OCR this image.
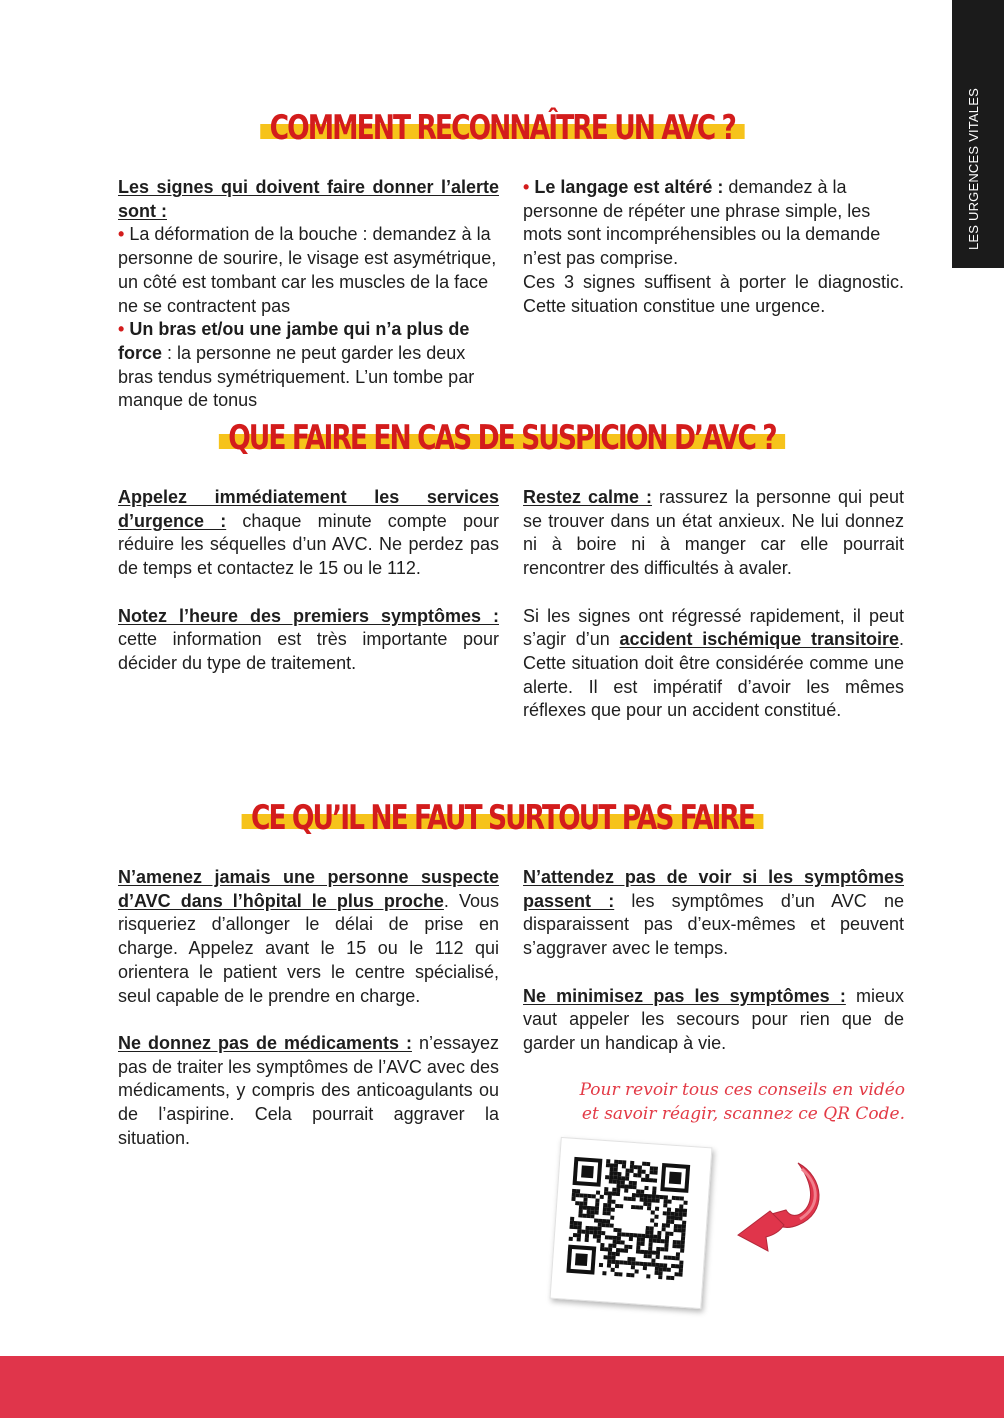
LES URGENCES VITALES
COMMENT RECONNAÎTRE UN AVC ?

Les signes qui doivent faire donner l’alerte sont :

• La déformation de la bouche : demandez à la personne de sourire, le visage est asymétrique, un côté est tombant car les muscles de la face ne se contractent pas

• Un bras et/ou une jambe qui n’a plus de force : la personne ne peut garder les deux bras tendus symétriquement. L’un tombe par manque de tonus

QUE FAIRE EN CAS DE SUSPICION D’AVC ?
CE QU’IL NE FAUT SURTOUT PAS FAIRE

Appelez immédiatement les services d’urgence : chaque minute compte pour réduire les séquelles d’un AVC. Ne perdez pas de temps et contactez le 15 ou le 112.

Notez l’heure des premiers symptômes : cette information est très importante pour décider du type de traitement.

Restez calme : rassurez la personne qui peut se trouver dans un état anxieux. Ne lui donnez ni à boire ni à manger car elle pourrait rencontrer des difficultés à avaler.

Si les signes ont régressé rapidement, il peut s’agir d’un accident ischémique transitoire. Cette situation doit être considérée comme une alerte. Il est impératif d’avoir les mêmes réflexes que pour un accident constitué.

N’amenez jamais une personne suspecte d’AVC dans l’hôpital le plus proche. Vous risqueriez d’allonger le délai de prise en charge. Appelez avant le 15 ou le 112 qui orientera le patient vers le centre spécialisé, seul capable de le prendre en charge.

Ne donnez pas de médicaments : n’essayez pas de traiter les symptômes de l’AVC avec des médicaments, y compris des anticoagulants ou de l’aspirine. Cela pourrait aggraver la situation.

N’attendez pas de voir si les symptômes passent : les symptômes d’un AVC ne disparaissent pas d’eux-mêmes et peuvent s’aggraver avec le temps.

Ne minimisez pas les symptômes : mieux vaut appeler les secours pour rien que de garder un handicap à vie.

• Le langage est altéré : demandez à la personne de répéter une phrase simple, les mots sont incompréhensibles ou la demande n’est pas comprise.

Ces 3 signes suffisent à porter le diagnostic. Cette situation constitue une urgence.

Pour revoir tous ces conseils en vidéo
et savoir réagir, scannez ce QR Code.
